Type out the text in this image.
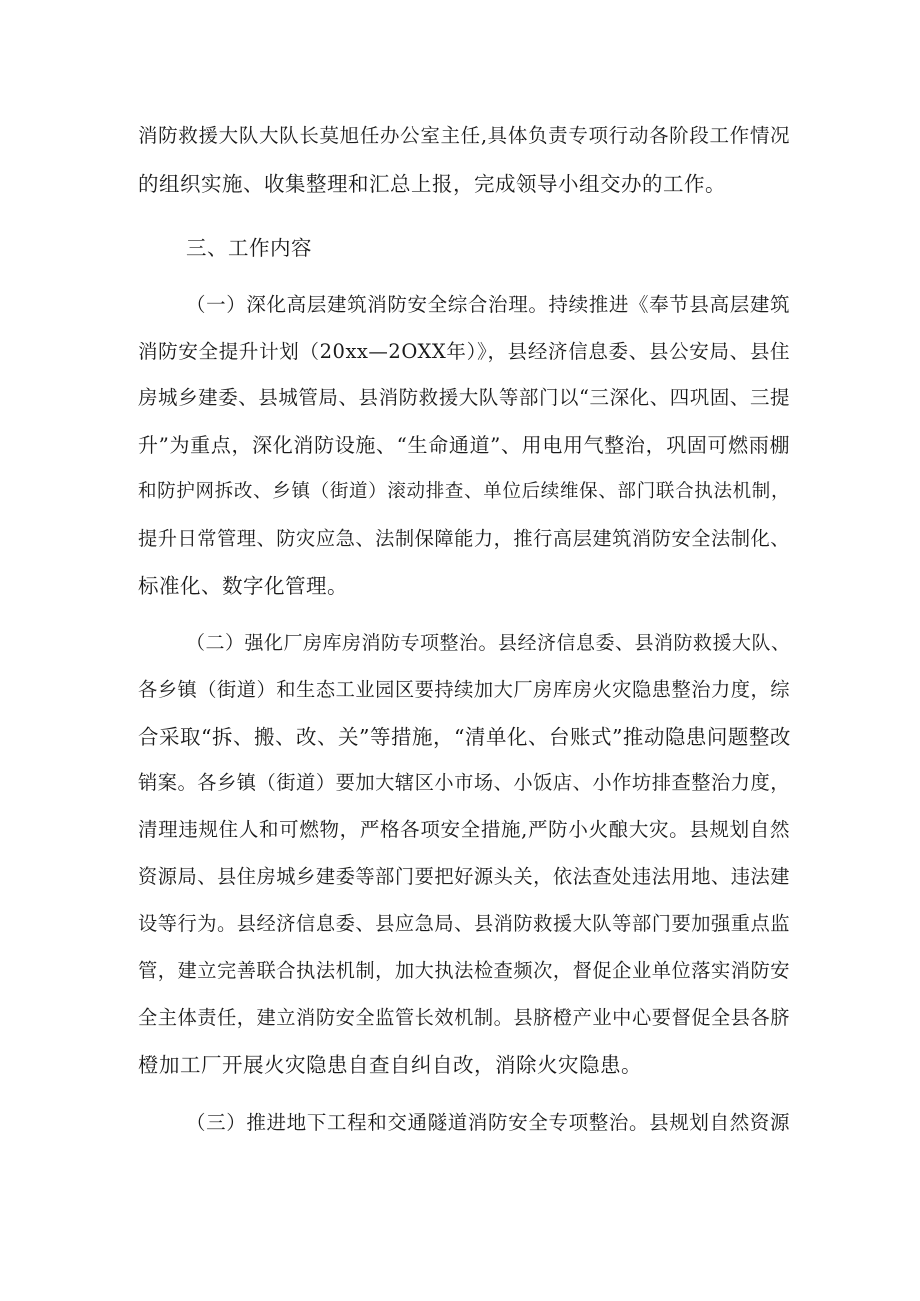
消防救援大队大队长莫旭任办公室主任,具体负责专项行动各阶段工作情况
的组织实施、收集整理和汇总上报，完成领导小组交办的工作。
三、工作内容
（一）深化高层建筑消防安全综合治理。持续推进《奉节县高层建筑
消防安全提升计划（20xx—2OXX年）》，县经济信息委、县公安局、县住
房城乡建委、县城管局、县消防救援大队等部门以“三深化、四巩固、三提
升”为重点，深化消防设施、“生命通道”、用电用气整治，巩固可燃雨棚
和防护网拆改、乡镇（街道）滚动排查、单位后续维保、部门联合执法机制，
提升日常管理、防灾应急、法制保障能力，推行高层建筑消防安全法制化、
标准化、数字化管理。
（二）强化厂房库房消防专项整治。县经济信息委、县消防救援大队、
各乡镇（街道）和生态工业园区要持续加大厂房库房火灾隐患整治力度，综
合采取“拆、搬、改、关”等措施，“清单化、台账式”推动隐患问题整改
销案。各乡镇（街道）要加大辖区小市场、小饭店、小作坊排查整治力度，
清理违规住人和可燃物，严格各项安全措施,严防小火酿大灾。县规划自然
资源局、县住房城乡建委等部门要把好源头关，依法查处违法用地、违法建
设等行为。县经济信息委、县应急局、县消防救援大队等部门要加强重点监
管，建立完善联合执法机制，加大执法检查频次，督促企业单位落实消防安
全主体责任，建立消防安全监管长效机制。县脐橙产业中心要督促全县各脐
橙加工厂开展火灾隐患自查自纠自改，消除火灾隐患。
（三）推进地下工程和交通隧道消防安全专项整治。县规划自然资源
